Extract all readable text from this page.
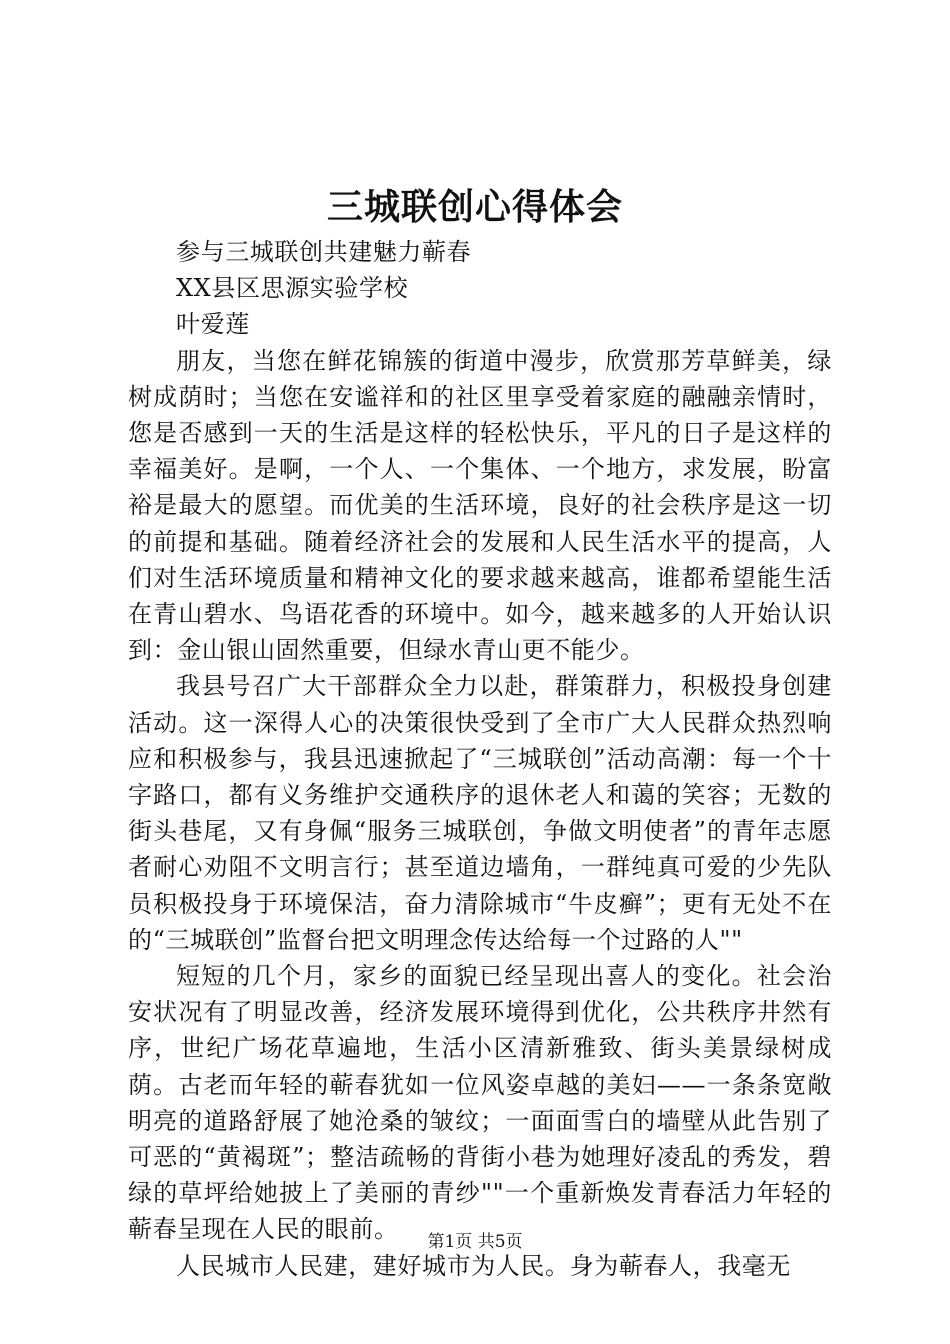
三城联创心得体会

参与三城联创共建魅力蕲春

XX县区思源实验学校

叶爱莲

朋友，当您在鲜花锦簇的街道中漫步，欣赏那芳草鲜美，绿树成荫时；当您在安谧祥和的社区里享受着家庭的融融亲情时，您是否感到一天的生活是这样的轻松快乐，平凡的日子是这样的幸福美好。是啊，一个人、一个集体、一个地方，求发展，盼富裕是最大的愿望。而优美的生活环境，良好的社会秩序是这一切的前提和基础。随着经济社会的发展和人民生活水平的提高，人们对生活环境质量和精神文化的要求越来越高，谁都希望能生活在青山碧水、鸟语花香的环境中。如今，越来越多的人开始认识到：金山银山固然重要，但绿水青山更不能少。

我县号召广大干部群众全力以赴，群策群力，积极投身创建活动。这一深得人心的决策很快受到了全市广大人民群众热烈响应和积极参与，我县迅速掀起了“三城联创”活动高潮：每一个十字路口，都有义务维护交通秩序的退休老人和蔼的笑容；无数的街头巷尾，又有身佩“服务三城联创，争做文明使者”的青年志愿者耐心劝阻不文明言行；甚至道边墙角，一群纯真可爱的少先队员积极投身于环境保洁，奋力清除城市“牛皮癣”；更有无处不在的“三城联创”监督台把文明理念传达给每一个过路的人""

短短的几个月，家乡的面貌已经呈现出喜人的变化。社会治安状况有了明显改善，经济发展环境得到优化，公共秩序井然有序，世纪广场花草遍地，生活小区清新雅致、街头美景绿树成荫。古老而年轻的蕲春犹如一位风姿卓越的美妇——一条条宽敞明亮的道路舒展了她沧桑的皱纹；一面面雪白的墙壁从此告别了可恶的“黄褐斑”；整洁疏畅的背街小巷为她理好凌乱的秀发，碧绿的草坪给她披上了美丽的青纱""一个重新焕发青春活力年轻的蕲春呈现在人民的眼前。

人民城市人民建，建好城市为人民。身为蕲春人，我毫无

第1页 共5页
